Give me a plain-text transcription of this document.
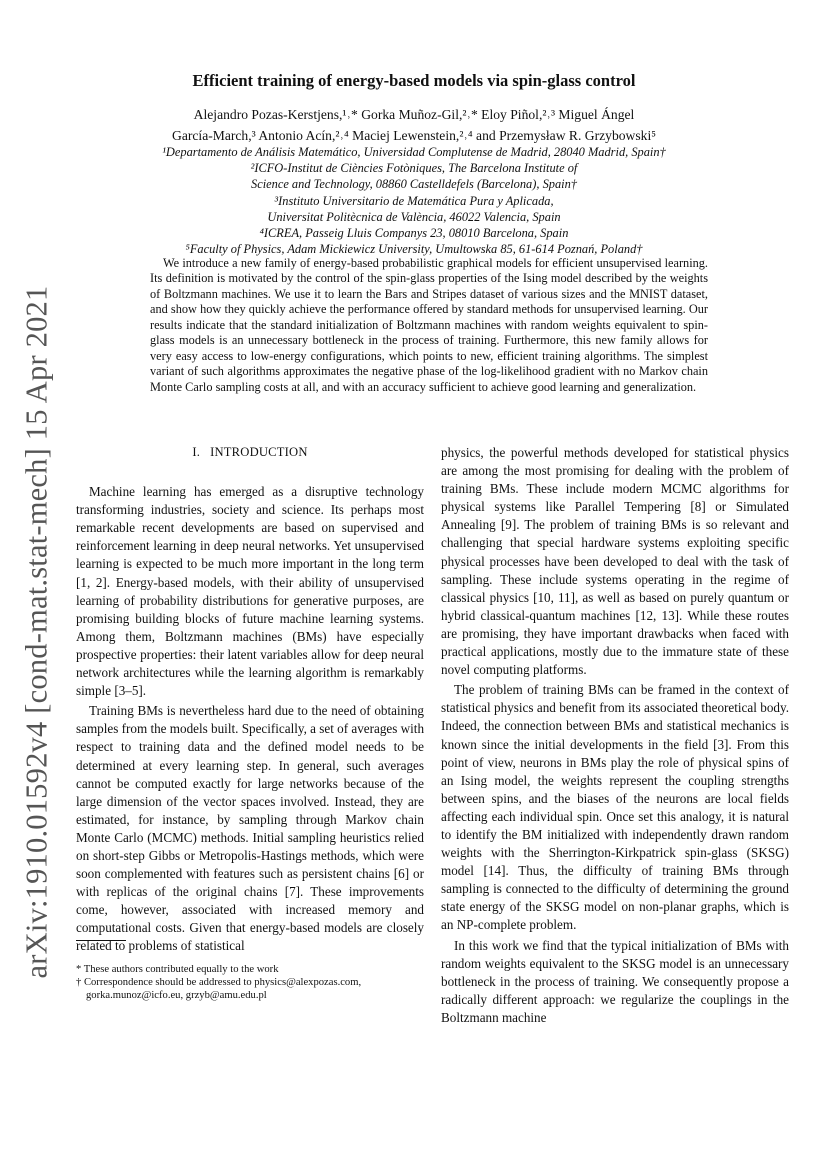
arXiv:1910.01592v4 [cond-mat.stat-mech] 15 Apr 2021
Efficient training of energy-based models via spin-glass control
Alejandro Pozas-Kerstjens,¹˒* Gorka Muñoz-Gil,²˒* Eloy Piñol,²˒³ Miguel Ángel
García-March,³ Antonio Acín,²˒⁴ Maciej Lewenstein,²˒⁴ and Przemysław R. Grzybowski⁵
¹Departamento de Análisis Matemático, Universidad Complutense de Madrid, 28040 Madrid, Spain†
²ICFO-Institut de Ciències Fotòniques, The Barcelona Institute of
Science and Technology, 08860 Castelldefels (Barcelona), Spain†
³Instituto Universitario de Matemática Pura y Aplicada,
Universitat Politècnica de València, 46022 Valencia, Spain
⁴ICREA, Passeig Lluis Companys 23, 08010 Barcelona, Spain
⁵Faculty of Physics, Adam Mickiewicz University, Umultowska 85, 61-614 Poznań, Poland†

We introduce a new family of energy-based probabilistic graphical models for efficient unsupervised learning. Its definition is motivated by the control of the spin-glass properties of the Ising model described by the weights of Boltzmann machines. We use it to learn the Bars and Stripes dataset of various sizes and the MNIST dataset, and show how they quickly achieve the performance offered by standard methods for unsupervised learning. Our results indicate that the standard initialization of Boltzmann machines with random weights equivalent to spin-glass models is an unnecessary bottleneck in the process of training. Furthermore, this new family allows for very easy access to low-energy configurations, which points to new, efficient training algorithms. The simplest variant of such algorithms approximates the negative phase of the log-likelihood gradient with no Markov chain Monte Carlo sampling costs at all, and with an accuracy sufficient to achieve good learning and generalization.

I. INTRODUCTION

Machine learning has emerged as a disruptive technology transforming industries, society and science. Its perhaps most remarkable recent developments are based on supervised and reinforcement learning in deep neural networks. Yet unsupervised learning is expected to be much more important in the long term [1, 2]. Energy-based models, with their ability of unsupervised learning of probability distributions for generative purposes, are promising building blocks of future machine learning systems. Among them, Boltzmann machines (BMs) have especially prospective properties: their latent variables allow for deep neural network architectures while the learning algorithm is remarkably simple [3–5].

Training BMs is nevertheless hard due to the need of obtaining samples from the models built. Specifically, a set of averages with respect to training data and the defined model needs to be determined at every learning step. In general, such averages cannot be computed exactly for large networks because of the large dimension of the vector spaces involved. Instead, they are estimated, for instance, by sampling through Markov chain Monte Carlo (MCMC) methods. Initial sampling heuristics relied on short-step Gibbs or Metropolis-Hastings methods, which were soon complemented with features such as persistent chains [6] or with replicas of the original chains [7]. These improvements come, however, associated with increased memory and computational costs. Given that energy-based models are closely related to problems of statistical

physics, the powerful methods developed for statistical physics are among the most promising for dealing with the problem of training BMs. These include modern MCMC algorithms for physical systems like Parallel Tempering [8] or Simulated Annealing [9]. The problem of training BMs is so relevant and challenging that special hardware systems exploiting specific physical processes have been developed to deal with the task of sampling. These include systems operating in the regime of classical physics [10, 11], as well as based on purely quantum or hybrid classical-quantum machines [12, 13]. While these routes are promising, they have important drawbacks when faced with practical applications, mostly due to the immature state of these novel computing platforms.

The problem of training BMs can be framed in the context of statistical physics and benefit from its associated theoretical body. Indeed, the connection between BMs and statistical mechanics is known since the initial developments in the field [3]. From this point of view, neurons in BMs play the role of physical spins of an Ising model, the weights represent the coupling strengths between spins, and the biases of the neurons are local fields affecting each individual spin. Once set this analogy, it is natural to identify the BM initialized with independently drawn random weights with the Sherrington-Kirkpatrick spin-glass (SKSG) model [14]. Thus, the difficulty of training BMs through sampling is connected to the difficulty of determining the ground state energy of the SKSG model on non-planar graphs, which is an NP-complete problem.

In this work we find that the typical initialization of BMs with random weights equivalent to the SKSG model is an unnecessary bottleneck in the process of training. We consequently propose a radically different approach: we regularize the couplings in the Boltzmann machine

* These authors contributed equally to the work

† Correspondence should be addressed to physics@alexpozas.com,

gorka.munoz@icfo.eu, grzyb@amu.edu.pl
